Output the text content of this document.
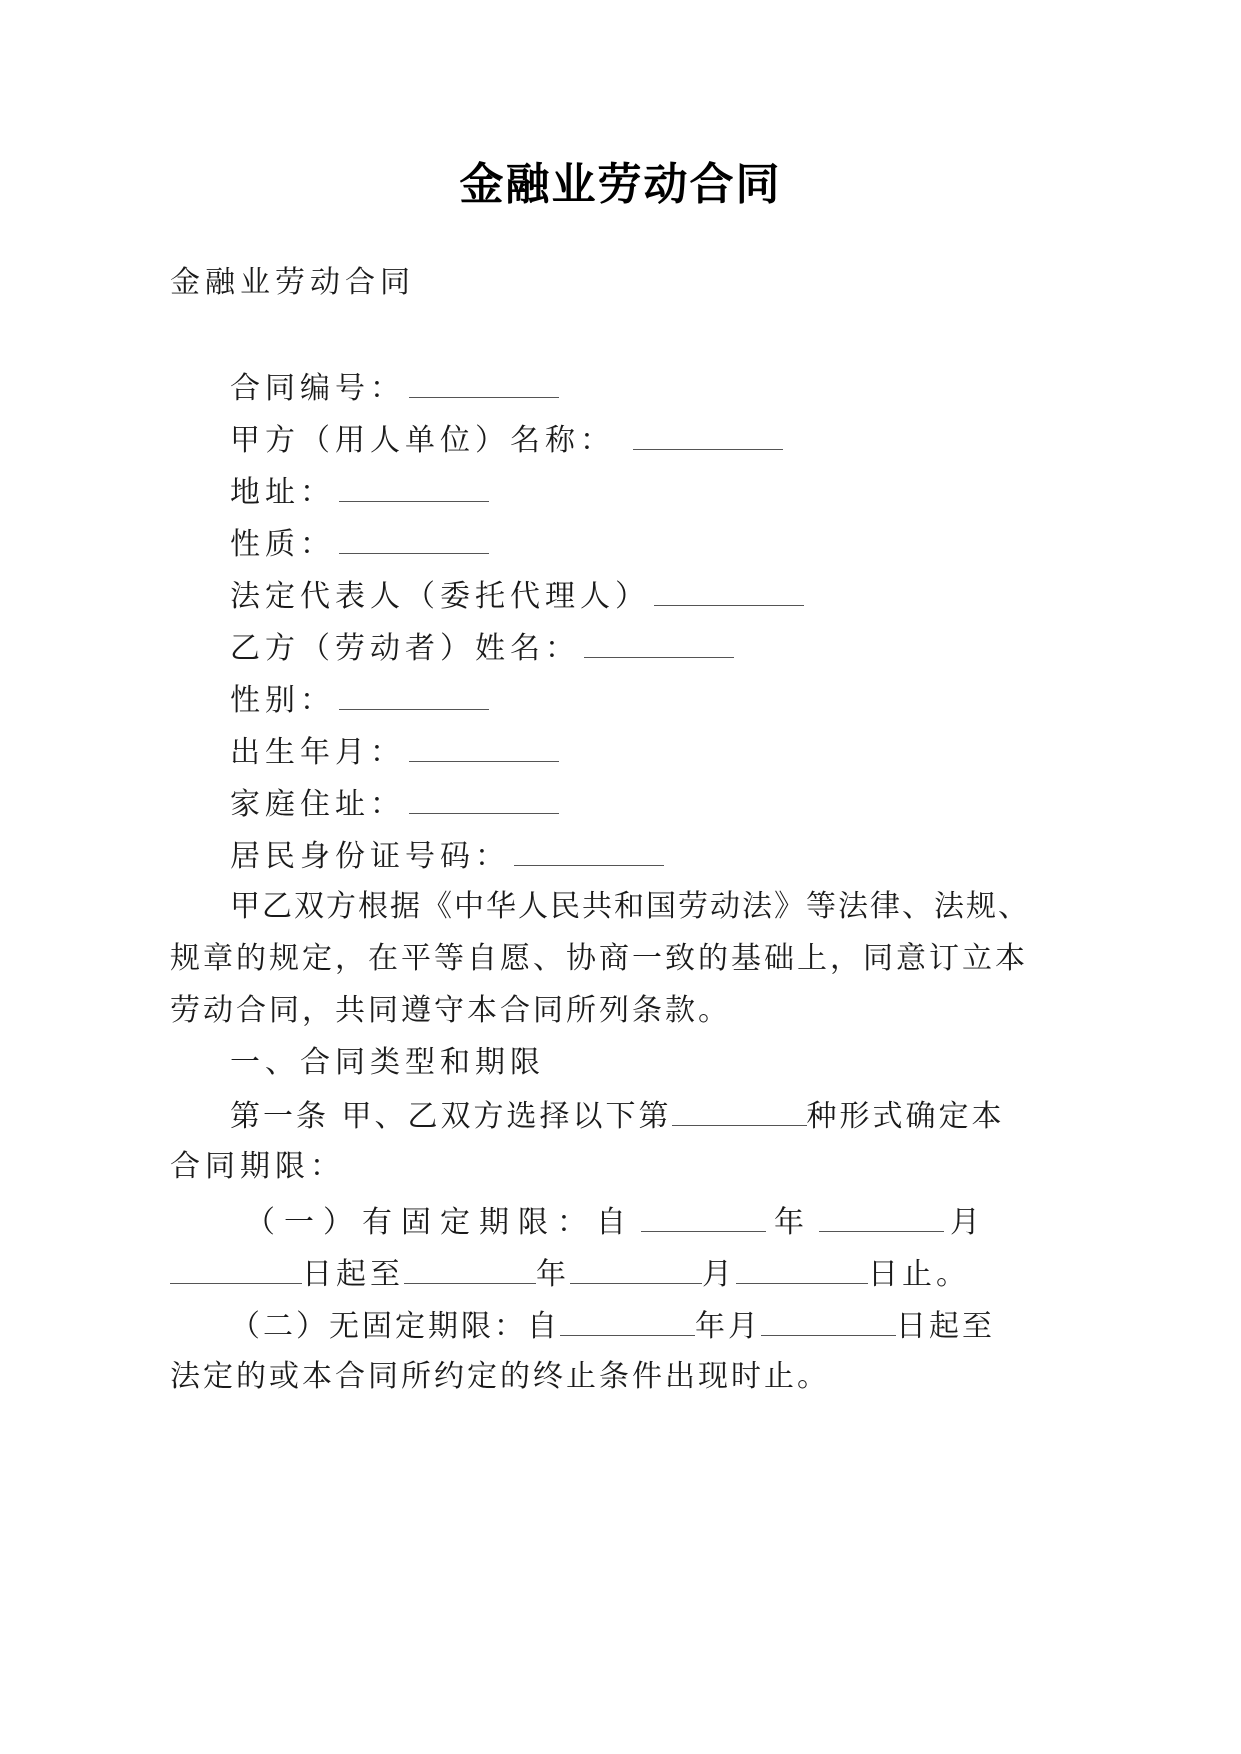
金融业劳动合同
金融业劳动合同
合同编号：
甲方（用人单位）名称：
地址：
性质：
法定代表人（委托代理人）
乙方（劳动者）姓名：
性别：
出生年月：
家庭住址：
居民身份证号码：
甲乙双方根据《中华人民共和国劳动法》等法律、法规、
规章的规定，在平等自愿、协商一致的基础上，同意订立本
劳动合同，共同遵守本合同所列条款。
一、合同类型和期限
第一条 甲、乙双方选择以下第	种形式确定本
合同期限：
（一）有固定期限：自	年	月
日起至	年	月	日止。
（二）无固定期限：自	年月	日起至
法定的或本合同所约定的终止条件出现时止。
